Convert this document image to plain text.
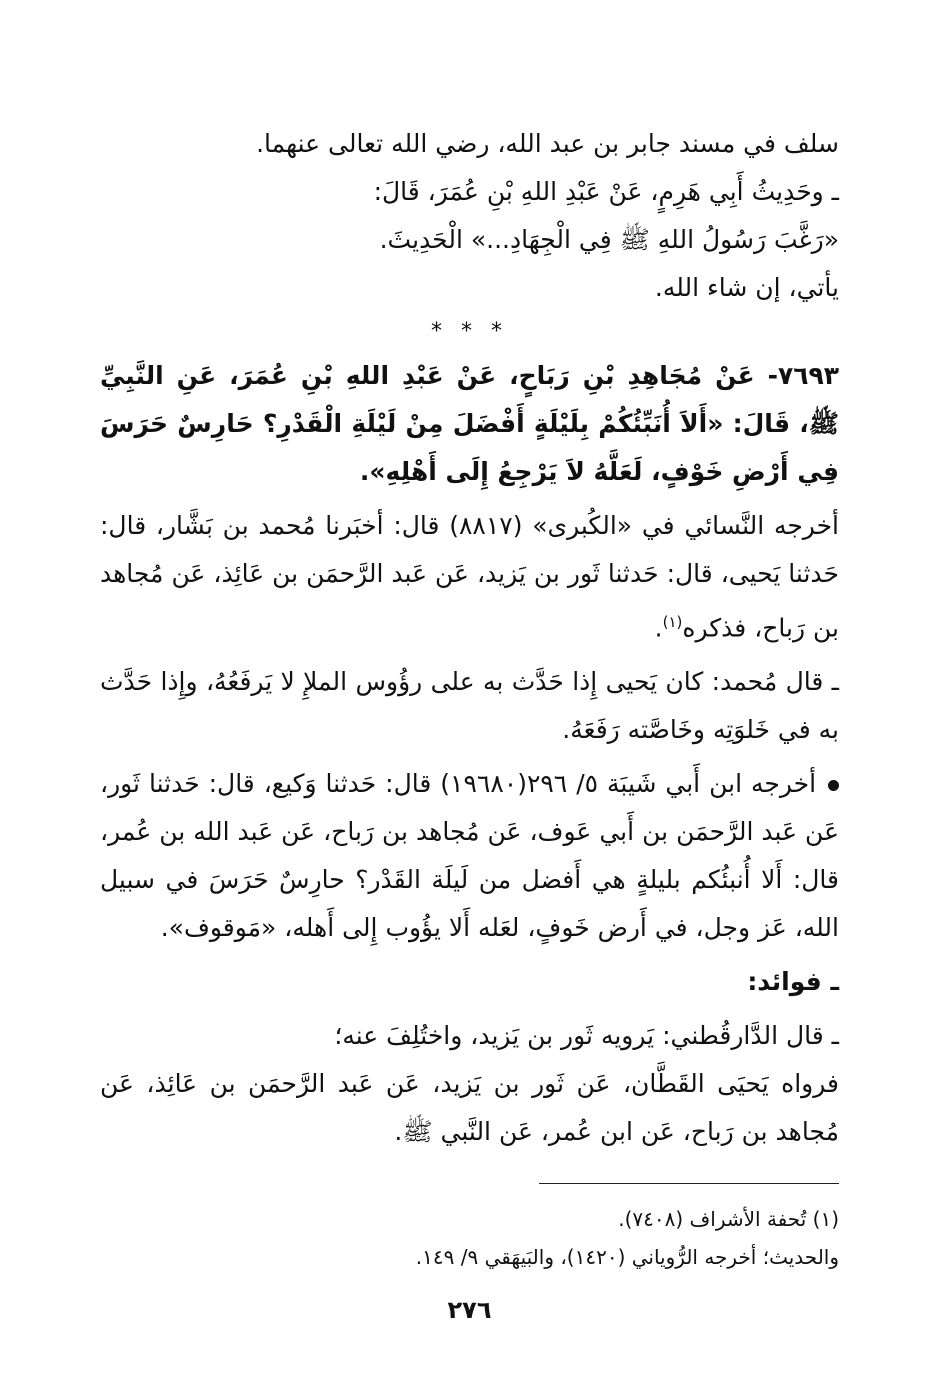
سلف في مسند جابر بن عبد الله، رضي الله تعالى عنهما.

ـ وحَدِيثُ أَبِي هَرِمٍ، عَنْ عَبْدِ اللهِ بْنِ عُمَرَ، قَالَ:

«رَغَّبَ رَسُولُ اللهِ ﷺ فِي الْجِهَادِ...» الْحَدِيثَ.

يأتي، إن شاء الله.

* * *

٧٦٩٣- عَنْ مُجَاهِدِ بْنِ رَبَاحٍ، عَنْ عَبْدِ اللهِ بْنِ عُمَرَ، عَنِ النَّبِيِّ ﷺ، قَالَ: «أَلاَ أُنَبِّئُكُمْ بِلَيْلَةٍ أَفْضَلَ مِنْ لَيْلَةِ الْقَدْرِ؟ حَارِسٌ حَرَسَ فِي أَرْضِ خَوْفٍ، لَعَلَّهُ لاَ يَرْجِعُ إِلَى أَهْلِهِ».

أخرجه النَّسائي في «الكُبرى» (٨٨١٧) قال: أخبَرنا مُحمد بن بَشَّار، قال: حَدثنا يَحيى، قال: حَدثنا ثَور بن يَزيد، عَن عَبد الرَّحمَن بن عَائِذ، عَن مُجاهد بن رَباح، فذكره$^{(١)}$.

ـ قال مُحمد: كان يَحيى إِذا حَدَّث به على رؤُوس الملإِ لا يَرفَعُهُ، وإِذا حَدَّث به في خَلوَتِه وخَاصَّته رَفَعَهُ.

أخرجه ابن أَبي شَيبَة ٥/ ٢٩٦(١٩٦٨٠) قال: حَدثنا وَكيع، قال: حَدثنا ثَور، عَن عَبد الرَّحمَن بن أَبي عَوف، عَن مُجاهد بن رَباح، عَن عَبد الله بن عُمر، قال: أَلا أُنبئُكم بليلةٍ هي أَفضل من لَيلَة القَدْر؟ حارِسٌ حَرَسَ في سبيل الله، عَز وجل، في أَرض خَوفٍ، لعَله أَلا يؤُوب إِلى أَهله، «مَوقوف».

ـ فوائد:

ـ قال الدَّارقُطني: يَرويه ثَور بن يَزيد، واختُلِفَ عنه؛

فرواه يَحيَى القَطَّان، عَن ثَور بن يَزيد، عَن عَبد الرَّحمَن بن عَائِذ، عَن مُجاهد بن رَباح، عَن ابن عُمر، عَن النَّبي ﷺ.

(١) تُحفة الأشراف (٧٤٠٨).

والحديث؛ أخرجه الرُّوياني (١٤٢٠)، والبَيهَقي ٩/ ١٤٩.

٢٧٦
